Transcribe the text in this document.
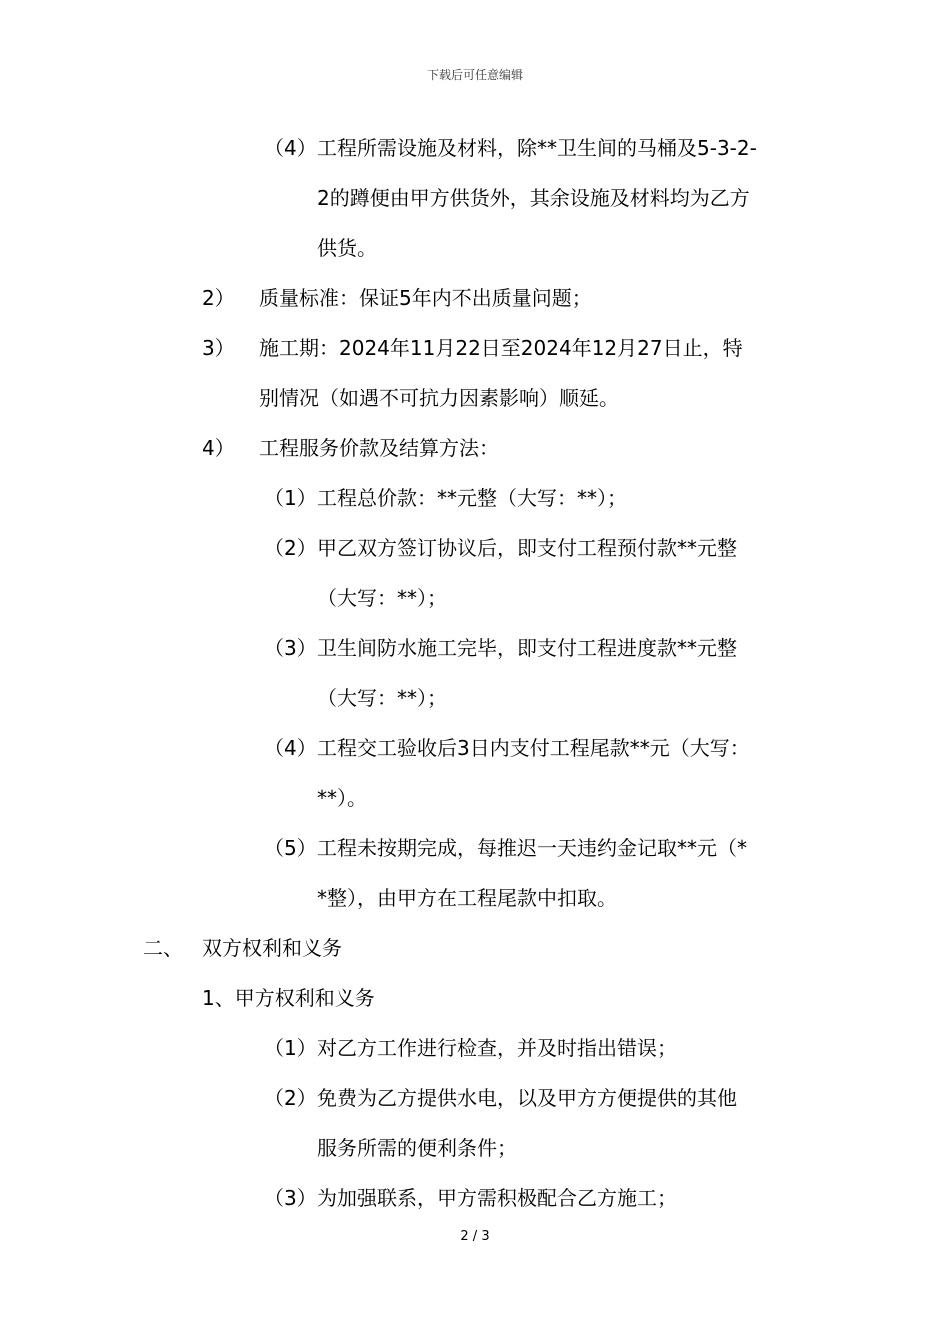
下载后可任意编辑
（4） 工程所需设施及材料，除**卫生间的马桶及5-3-2-
2的蹲便由甲方供货外，其余设施及材料均为乙方
供货。
2） 质量标准：保证5年内不出质量问题；
3） 施工期：2024年11月22日至2024年12月27日止，特
别情况（如遇不可抗力因素影响）顺延。
4） 工程服务价款及结算方法：
（1） 工程总价款：**元整（大写：**）；
（2） 甲乙双方签订协议后，即支付工程预付款**元整
（大写：**）；
（3） 卫生间防水施工完毕，即支付工程进度款**元整
（大写：**）；
（4） 工程交工验收后3日内支付工程尾款**元（大写：
**）。
（5） 工程未按期完成，每推迟一天违约金记取**元（*
*整），由甲方在工程尾款中扣取。
二、 双方权利和义务
1、甲方权利和义务
（1） 对乙方工作进行检查，并及时指出错误；
（2） 免费为乙方提供水电，以及甲方方便提供的其他
服务所需的便利条件；
（3） 为加强联系，甲方需积极配合乙方施工；
2 / 3
